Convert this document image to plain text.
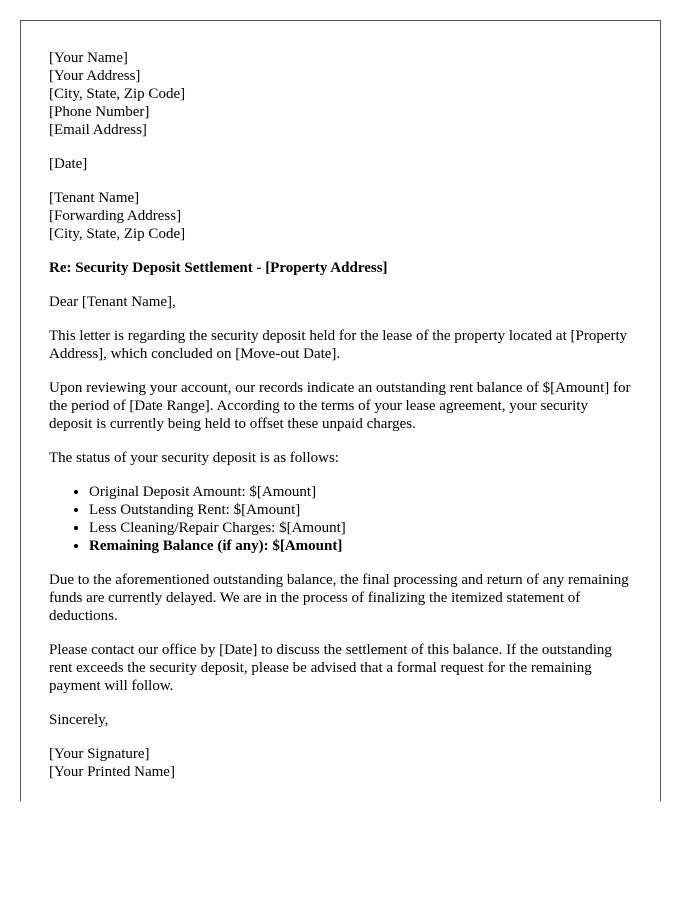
[Your Name]
[Your Address]
[City, State, Zip Code]
[Phone Number]
[Email Address]
[Date]
[Tenant Name]
[Forwarding Address]
[City, State, Zip Code]

Re: Security Deposit Settlement - [Property Address]

Dear [Tenant Name],

This letter is regarding the security deposit held for the lease of the property located at [Property Address], which concluded on [Move-out Date].

Upon reviewing your account, our records indicate an outstanding rent balance of $[Amount] for the period of [Date Range]. According to the terms of your lease agreement, your security deposit is currently being held to offset these unpaid charges.

The status of your security deposit is as follows:

• Original Deposit Amount: $[Amount]
• Less Outstanding Rent: $[Amount]
• Less Cleaning/Repair Charges: $[Amount]
• Remaining Balance (if any): $[Amount]

Due to the aforementioned outstanding balance, the final processing and return of any remaining funds are currently delayed. We are in the process of finalizing the itemized statement of deductions.

Please contact our office by [Date] to discuss the settlement of this balance. If the outstanding rent exceeds the security deposit, please be advised that a formal request for the remaining payment will follow.

Sincerely,

[Your Signature]
[Your Printed Name]
